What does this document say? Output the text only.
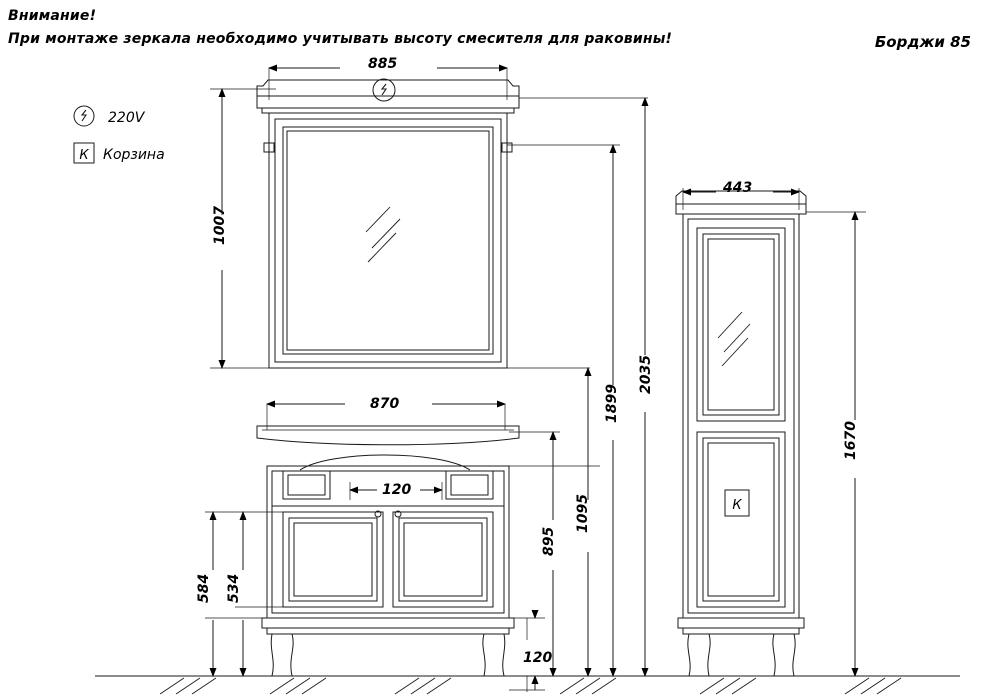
Внимание!
При монтаже зеркала необходимо учитывать высоту смесителя для раковины!	Борджи 85
220V
Корзина
885
870
120
443
1007
2035
1899
1095
895
584 534
1670
120
К
К
